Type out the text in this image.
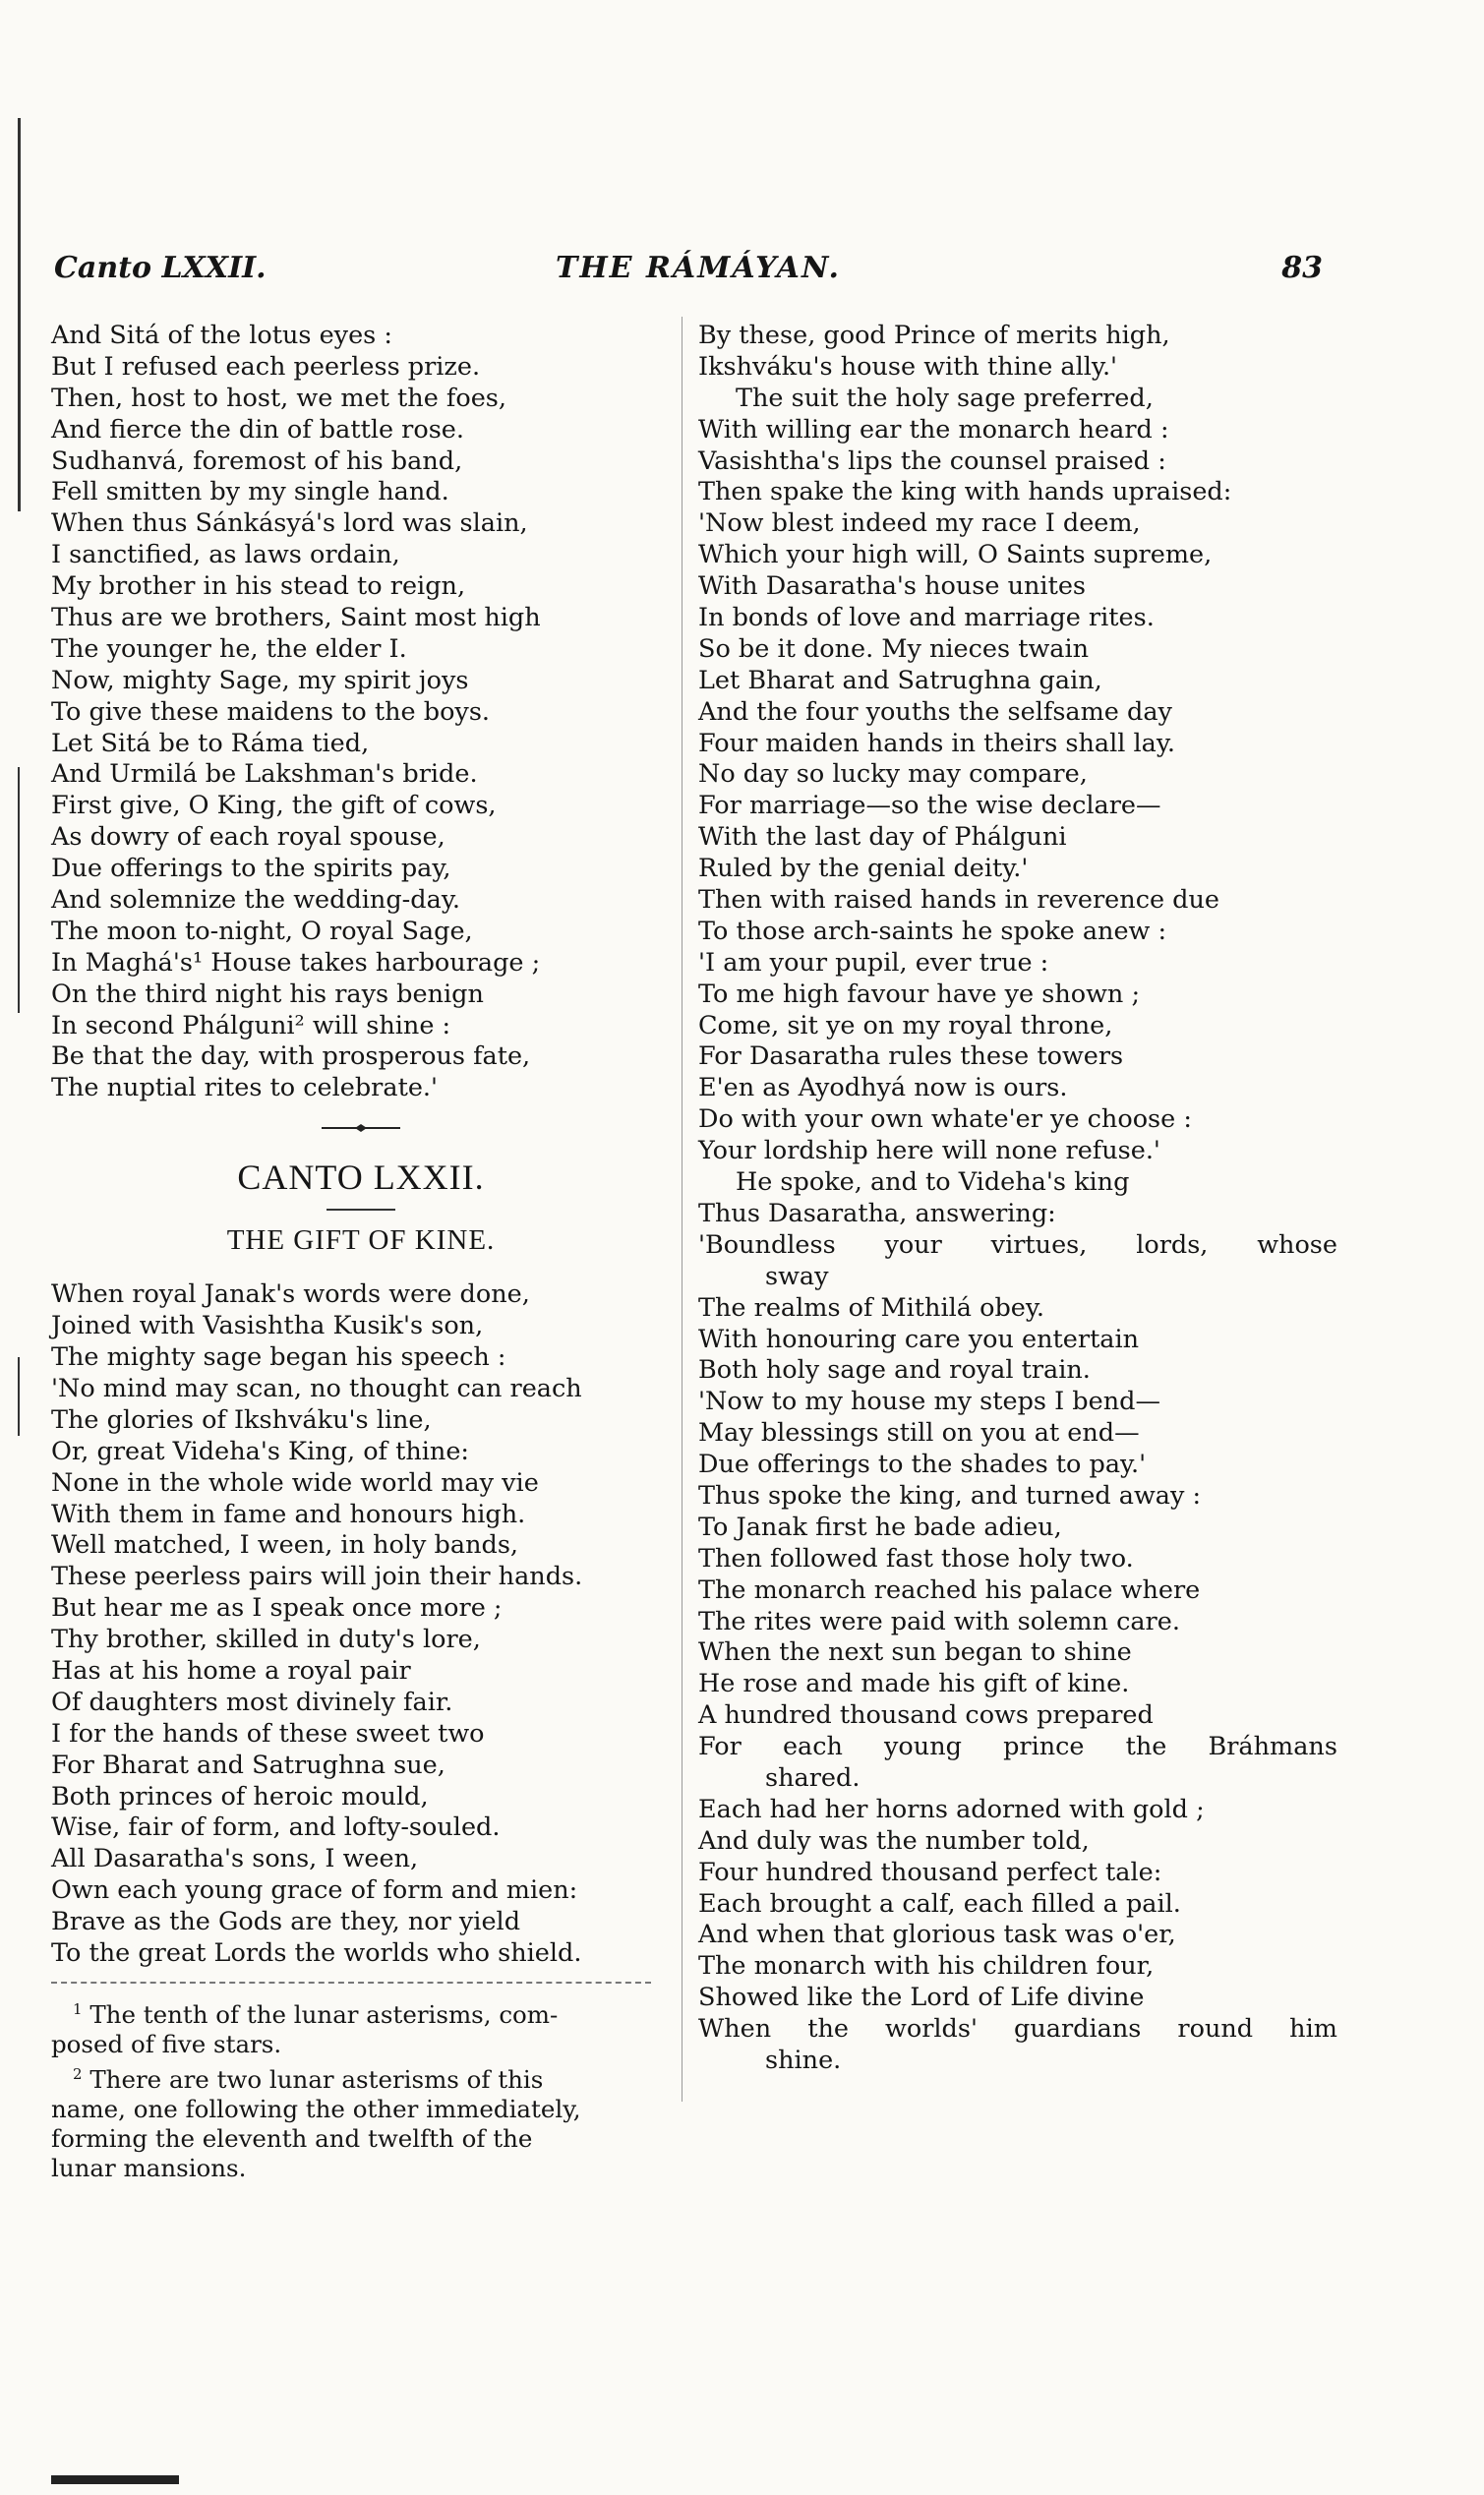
Canto LXXII.	THE RÁMÁYAN.	83
And Sitá of the lotus eyes :
But I refused each peerless prize.
Then, host to host, we met the foes,
And fierce the din of battle rose.
Sudhanvá, foremost of his band,
Fell smitten by my single hand.
When thus Sánkásyá's lord was slain,
I sanctified, as laws ordain,
My brother in his stead to reign,
Thus are we brothers, Saint most high
The younger he, the elder I.
Now, mighty Sage, my spirit joys
To give these maidens to the boys.
Let Sitá be to Ráma tied,
And Urmilá be Lakshman's bride.
First give, O King, the gift of cows,
As dowry of each royal spouse,
Due offerings to the spirits pay,
And solemnize the wedding-day.
The moon to-night, O royal Sage,
In Maghá's¹ House takes harbourage ;
On the third night his rays benign
In second Phálguni² will shine :
Be that the day, with prosperous fate,
The nuptial rites to celebrate.'
CANTO LXXII.
THE GIFT OF KINE.
When royal Janak's words were done,
Joined with Vasishtha Kusik's son,
The mighty sage began his speech :
'No mind may scan, no thought can reach
The glories of Ikshváku's line,
Or, great Videha's King, of thine:
None in the whole wide world may vie
With them in fame and honours high.
Well matched, I ween, in holy bands,
These peerless pairs will join their hands.
But hear me as I speak once more ;
Thy brother, skilled in duty's lore,
Has at his home a royal pair
Of daughters most divinely fair.
I for the hands of these sweet two
For Bharat and Satrughna sue,
Both princes of heroic mould,
Wise, fair of form, and lofty-souled.
All Dasaratha's sons, I ween,
Own each young grace of form and mien:
Brave as the Gods are they, nor yield
To the great Lords the worlds who shield.
$^1$ The tenth of the lunar asterisms, com-
posed of five stars.
$^2$ There are two lunar asterisms of this
name, one following the other immediately,
forming the eleventh and twelfth of the
lunar mansions.
By these, good Prince of merits high,
Ikshváku's house with thine ally.'
The suit the holy sage preferred,
With willing ear the monarch heard :
Vasishtha's lips the counsel praised :
Then spake the king with hands upraised:
'Now blest indeed my race I deem,
Which your high will, O Saints supreme,
With Dasaratha's house unites
In bonds of love and marriage rites.
So be it done. My nieces twain
Let Bharat and Satrughna gain,
And the four youths the selfsame day
Four maiden hands in theirs shall lay.
No day so lucky may compare,
For marriage—so the wise declare—
With the last day of Phálguni
Ruled by the genial deity.'
Then with raised hands in reverence due
To those arch-saints he spoke anew :
'I am your pupil, ever true :
To me high favour have ye shown ;
Come, sit ye on my royal throne,
For Dasaratha rules these towers
E'en as Ayodhyá now is ours.
Do with your own whate'er ye choose :
Your lordship here will none refuse.'
He spoke, and to Videha's king
Thus Dasaratha, answering:
'Boundless your virtues, lords, whose
sway
The realms of Mithilá obey.
With honouring care you entertain
Both holy sage and royal train.
'Now to my house my steps I bend—
May blessings still on you at end—
Due offerings to the shades to pay.'
Thus spoke the king, and turned away :
To Janak first he bade adieu,
Then followed fast those holy two.
The monarch reached his palace where
The rites were paid with solemn care.
When the next sun began to shine
He rose and made his gift of kine.
A hundred thousand cows prepared
For each young prince the Bráhmans
shared.
Each had her horns adorned with gold ;
And duly was the number told,
Four hundred thousand perfect tale:
Each brought a calf, each filled a pail.
And when that glorious task was o'er,
The monarch with his children four,
Showed like the Lord of Life divine
When the worlds' guardians round him
shine.
